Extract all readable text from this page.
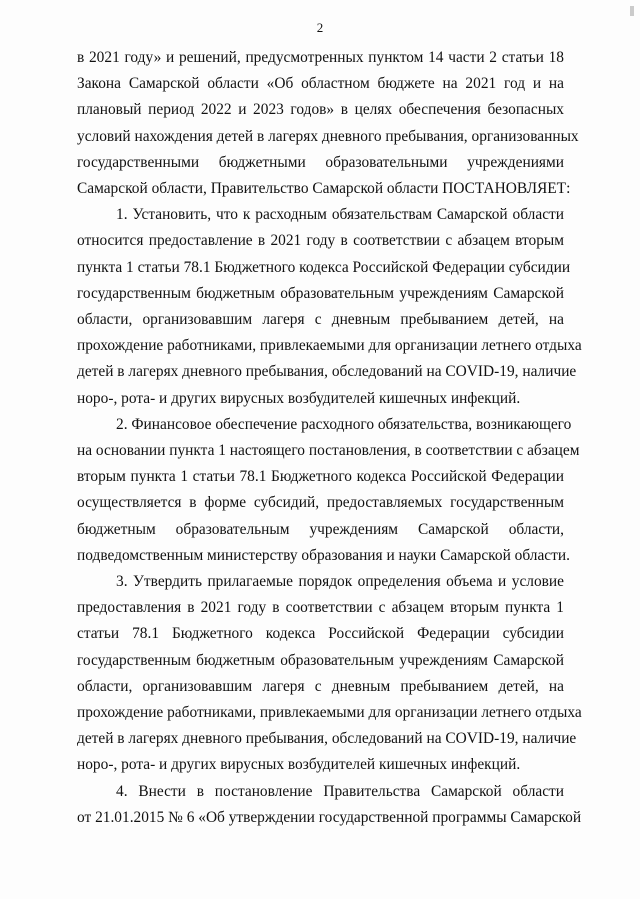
2
в 2021 году» и решений, предусмотренных пунктом 14 части 2 статьи 18
Закона Самарской области «Об областном бюджете на 2021 год и на
плановый период 2022 и 2023 годов» в целях обеспечения безопасных
условий нахождения детей в лагерях дневного пребывания, организованных
государственными бюджетными образовательными учреждениями
Самарской области, Правительство Самарской области ПОСТАНОВЛЯЕТ:
1. Установить, что к расходным обязательствам Самарской области
относится предоставление в 2021 году в соответствии с абзацем вторым
пункта 1 статьи 78.1 Бюджетного кодекса Российской Федерации субсидии
государственным бюджетным образовательным учреждениям Самарской
области, организовавшим лагеря с дневным пребыванием детей, на
прохождение работниками, привлекаемыми для организации летнего отдыха
детей в лагерях дневного пребывания, обследований на COVID-19, наличие
норо-, рота- и других вирусных возбудителей кишечных инфекций.
2. Финансовое обеспечение расходного обязательства, возникающего
на основании пункта 1 настоящего постановления, в соответствии с абзацем
вторым пункта 1 статьи 78.1 Бюджетного кодекса Российской Федерации
осуществляется в форме субсидий, предоставляемых государственным
бюджетным образовательным учреждениям Самарской области,
подведомственным министерству образования и науки Самарской области.
3. Утвердить прилагаемые порядок определения объема и условие
предоставления в 2021 году в соответствии с абзацем вторым пункта 1
статьи 78.1 Бюджетного кодекса Российской Федерации субсидии
государственным бюджетным образовательным учреждениям Самарской
области, организовавшим лагеря с дневным пребыванием детей, на
прохождение работниками, привлекаемыми для организации летнего отдыха
детей в лагерях дневного пребывания, обследований на COVID-19, наличие
норо-, рота- и других вирусных возбудителей кишечных инфекций.
4. Внести в постановление Правительства Самарской области
от 21.01.2015 № 6 «Об утверждении государственной программы Самарской
